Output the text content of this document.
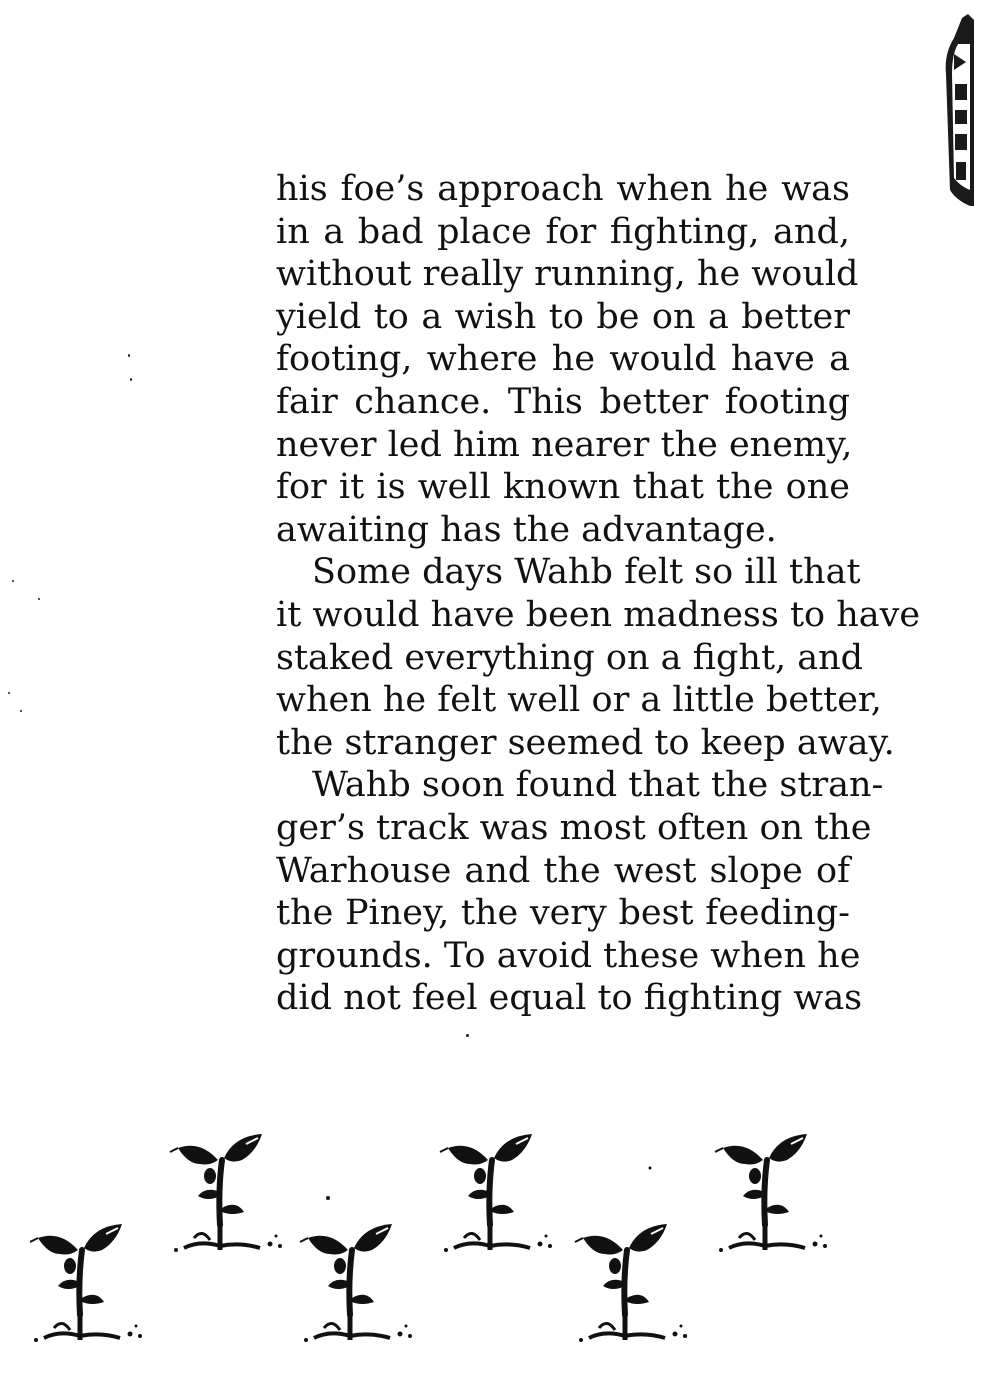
his foe’s approach when he was
in a bad place for fighting, and,
without really running, he would
yield to a wish to be on a better
footing, where he would have a
fair chance. This better footing
never led him nearer the enemy,
for it is well known that the one
awaiting has the advantage.
Some days Wahb felt so ill that
it would have been madness to have
staked everything on a fight, and
when he felt well or a little better,
the stranger seemed to keep away.
Wahb soon found that the stran-
ger’s track was most often on the
Warhouse and the west slope of
the Piney, the very best feeding-
grounds. To avoid these when he
did not feel equal to fighting was
